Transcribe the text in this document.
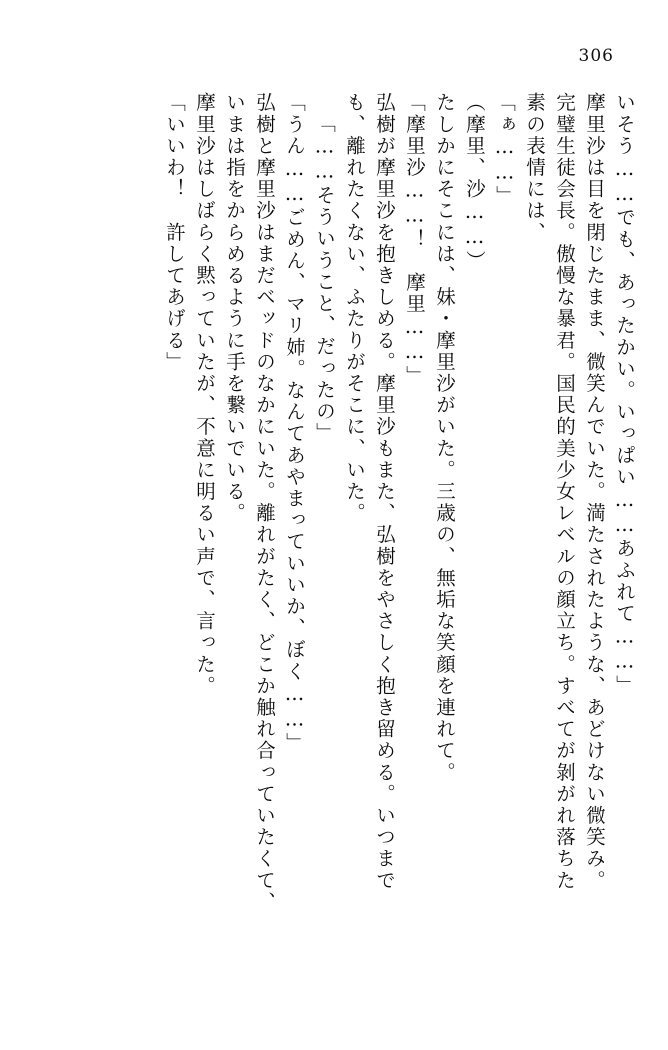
306
いそう……でも、あったかい。いっぱい……あふれて……」
摩里沙は目を閉じたまま、微笑んでいた。満たされたような、あどけない微笑み。
完璧生徒会長。傲慢な暴君。国民的美少女レベルの顔立ち。すべてが剝がれ落ちた
素の表情には、
「ぁ……」
（摩里、沙……）
たしかにそこには、妹・摩里沙がいた。三歳の、無垢な笑顔を連れて。
「摩里沙……！　摩里……」
弘樹が摩里沙を抱きしめる。摩里沙もまた、弘樹をやさしく抱き留める。いつまで
も、離れたくない、ふたりがそこに、いた。
「……そういうこと、だったの」
「うん……ごめん、マリ姉。なんてあやまっていいか、ぼく……」
弘樹と摩里沙はまだベッドのなかにいた。離れがたく、どこか触れ合っていたくて、
いまは指をからめるように手を繋いでいる。
摩里沙はしばらく黙っていたが、不意に明るい声で、言った。
「いいわ！　許してあげる」
